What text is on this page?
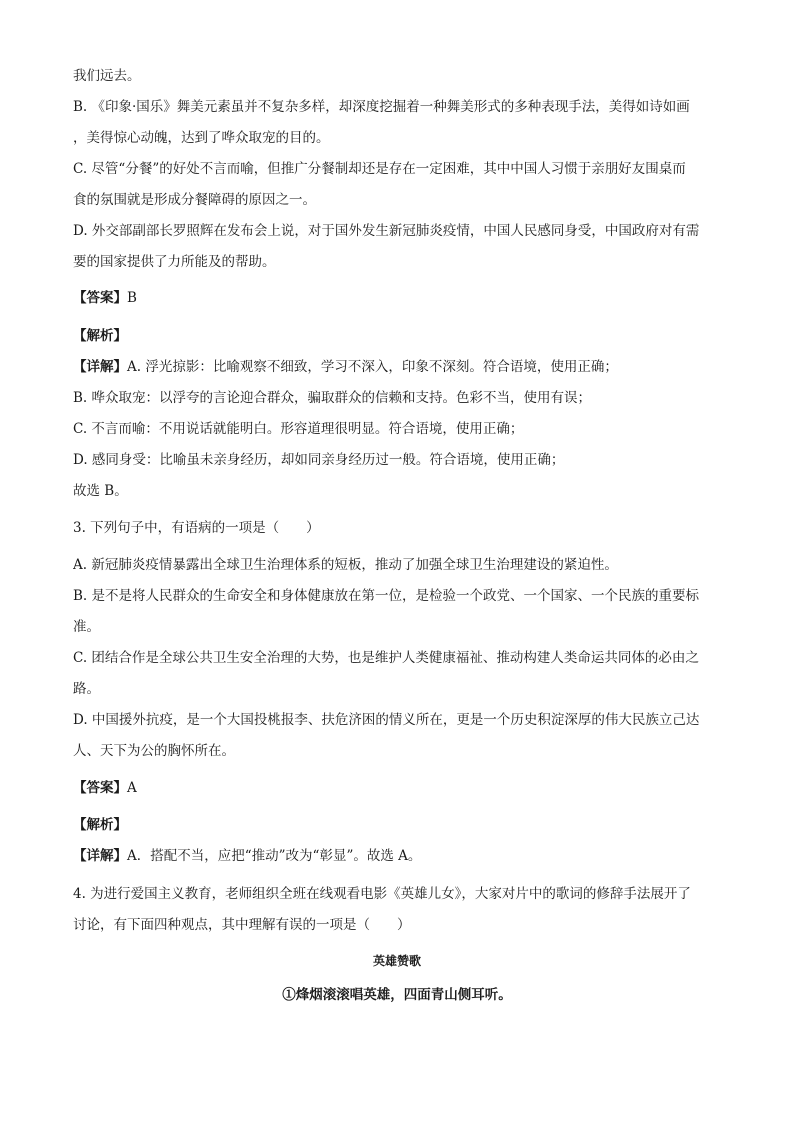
我们远去。
B. 《印象·国乐》舞美元素虽并不复杂多样，却深度挖掘着一种舞美形式的多种表现手法，美得如诗如画
，美得惊心动魄，达到了哗众取宠的目的。
C. 尽管“分餐”的好处不言而喻，但推广分餐制却还是存在一定困难，其中中国人习惯于亲朋好友围桌而
食的氛围就是形成分餐障碍的原因之一。
D. 外交部副部长罗照辉在发布会上说，对于国外发生新冠肺炎疫情，中国人民感同身受，中国政府对有需
要的国家提供了力所能及的帮助。
【答案】B
【解析】
【详解】A. 浮光掠影：比喻观察不细致，学习不深入，印象不深刻。符合语境，使用正确；
B. 哗众取宠：以浮夸的言论迎合群众，骗取群众的信赖和支持。色彩不当，使用有误；
C. 不言而喻：不用说话就能明白。形容道理很明显。符合语境，使用正确；
D. 感同身受：比喻虽未亲身经历，却如同亲身经历过一般。符合语境，使用正确；
故选 B。
3. 下列句子中，有语病的一项是（　　）
A. 新冠肺炎疫情暴露出全球卫生治理体系的短板，推动了加强全球卫生治理建设的紧迫性。
B. 是不是将人民群众的生命安全和身体健康放在第一位，是检验一个政党、一个国家、一个民族的重要标
准。
C. 团结合作是全球公共卫生安全治理的大势，也是维护人类健康福祉、推动构建人类命运共同体的必由之
路。
D. 中国援外抗疫，是一个大国投桃报李、扶危济困的情义所在，更是一个历史积淀深厚的伟大民族立己达
人、天下为公的胸怀所在。
【答案】A
【解析】
【详解】A．搭配不当，应把“推动”改为“彰显”。故选 A。
4. 为进行爱国主义教育，老师组织全班在线观看电影《英雄儿女》，大家对片中的歌词的修辞手法展开了
讨论，有下面四种观点，其中理解有误的一项是（　　）
英雄赞歌
①烽烟滚滚唱英雄，四面青山侧耳听。
